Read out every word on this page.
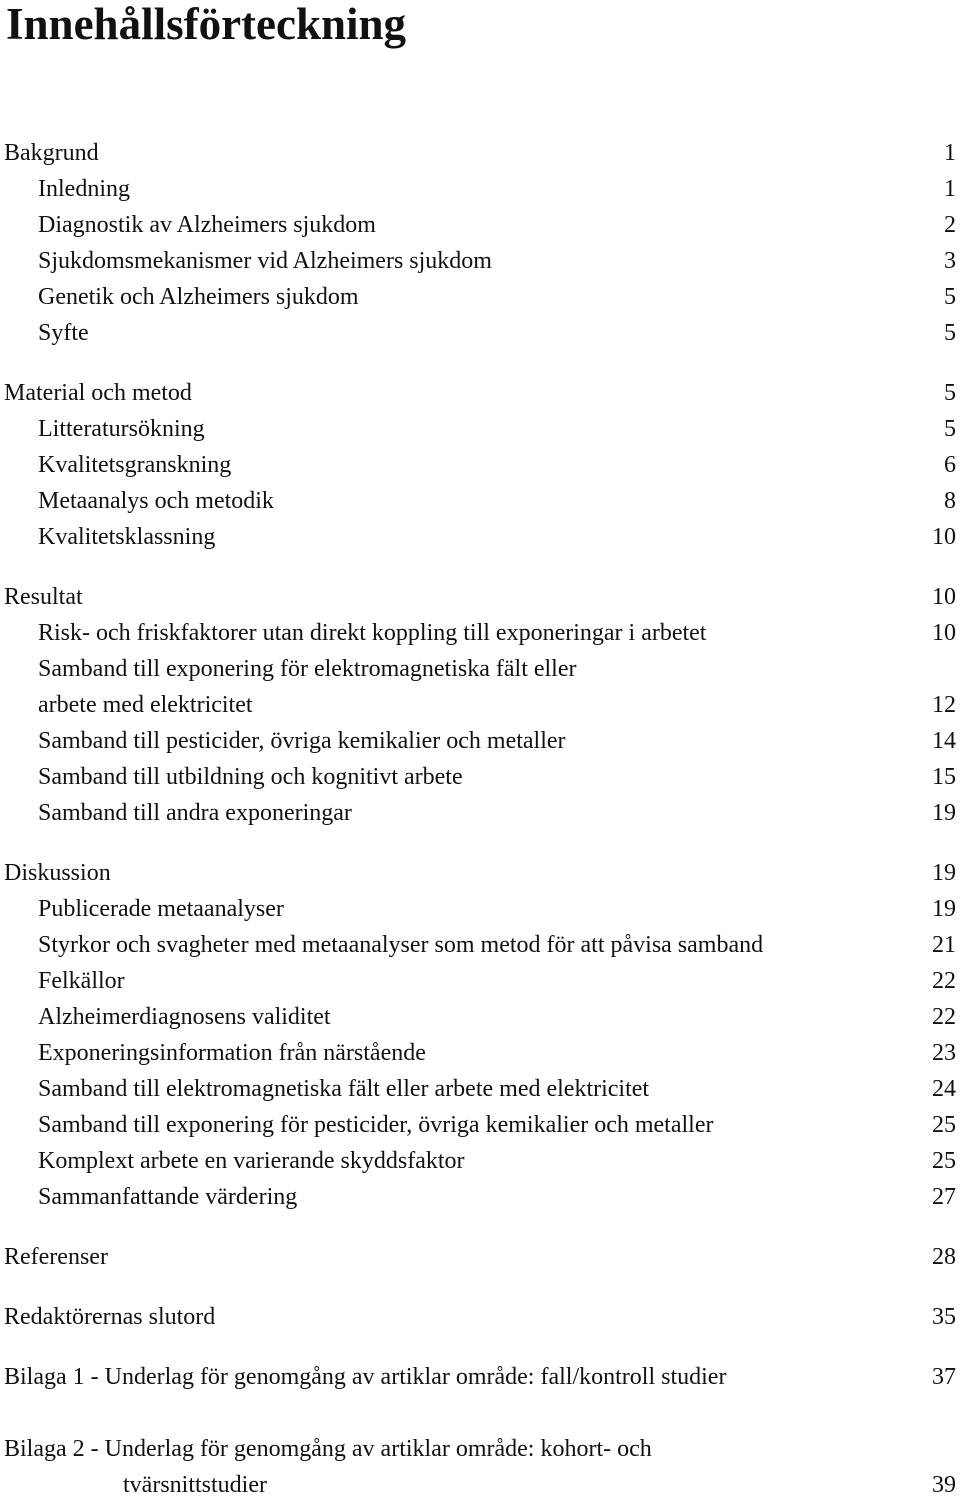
Innehållsförteckning
Bakgrund	1
Inledning	1
Diagnostik av Alzheimers sjukdom	2
Sjukdomsmekanismer vid Alzheimers sjukdom	3
Genetik och Alzheimers sjukdom	5
Syfte	5
Material och metod	5
Litteratursökning	5
Kvalitetsgranskning	6
Metaanalys och metodik	8
Kvalitetsklassning	10
Resultat	10
Risk- och friskfaktorer utan direkt koppling till exponeringar i arbetet	10
Samband till exponering för elektromagnetiska fält eller
arbete med elektricitet	12
Samband till pesticider, övriga kemikalier och metaller	14
Samband till utbildning och kognitivt arbete	15
Samband till andra exponeringar	19
Diskussion	19
Publicerade metaanalyser	19
Styrkor och svagheter med metaanalyser som metod för att påvisa samband	21
Felkällor	22
Alzheimerdiagnosens validitet	22
Exponeringsinformation från närstående	23
Samband till elektromagnetiska fält eller arbete med elektricitet	24
Samband till exponering för pesticider, övriga kemikalier och metaller	25
Komplext arbete en varierande skyddsfaktor	25
Sammanfattande värdering	27
Referenser	28
Redaktörernas slutord	35
Bilaga 1 - Underlag för genomgång av artiklar område: fall/kontroll studier	37
Bilaga 2 - Underlag för genomgång av artiklar område: kohort- och
tvärsnittstudier	39
